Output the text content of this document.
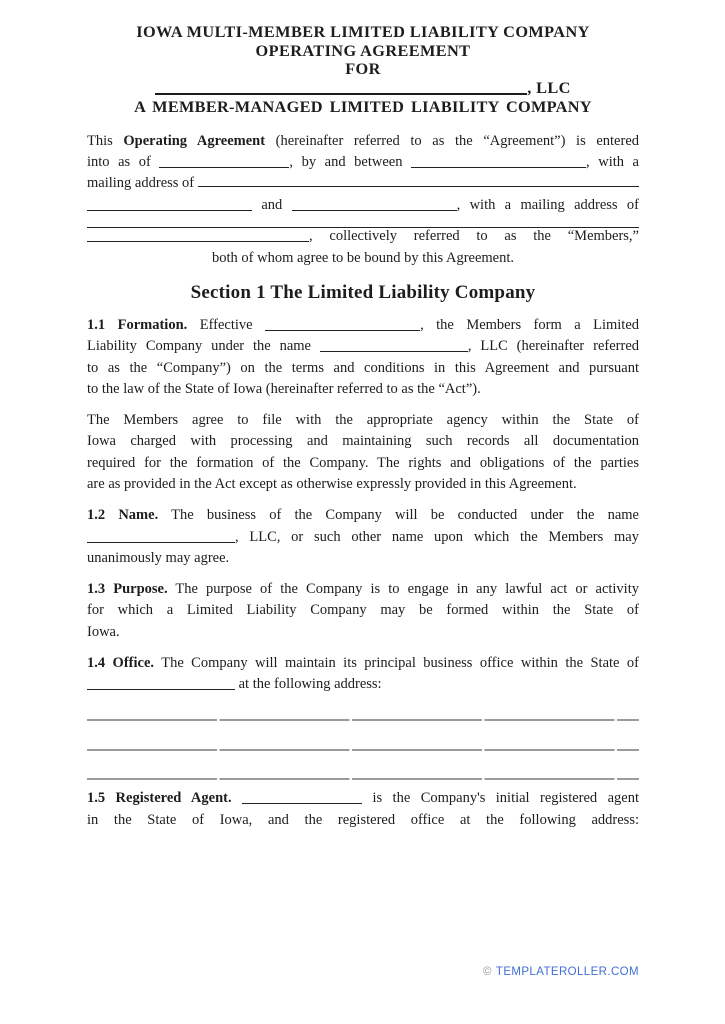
IOWA MULTI-MEMBER LIMITED LIABILITY COMPANY
OPERATING AGREEMENT
FOR
, LLC
A MEMBER-MANAGED LIMITED LIABILITY COMPANY
This Operating Agreement (hereinafter referred to as the “Agreement”) is entered
into as of	, by and between	, with a
mailing address of
and	, with a mailing address of
, collectively referred to as the “Members,”
both of whom agree to be bound by this Agreement.
Section 1 The Limited Liability Company
1.1 Formation. Effective	, the Members form a Limited
Liability Company under the name	, LLC (hereinafter referred
to as the “Company”) on the terms and conditions in this Agreement and pursuant
to the law of the State of Iowa (hereinafter referred to as the “Act”).
The Members agree to file with the appropriate agency within the State of
Iowa charged with processing and maintaining such records all documentation
required for the formation of the Company. The rights and obligations of the parties
are as provided in the Act except as otherwise expressly provided in this Agreement.
1.2 Name. The business of the Company will be conducted under the name
, LLC, or such other name upon which the Members may
unanimously may agree.
1.3 Purpose. The purpose of the Company is to engage in any lawful act or activity
for which a Limited Liability Company may be formed within the State of
Iowa.
1.4 Office. The Company will maintain its principal business office within the State of
at the following address:
1.5 Registered Agent.	is the Company's initial registered agent
in the State of Iowa, and the registered office at the following address:
© TEMPLATEROLLER.COM
